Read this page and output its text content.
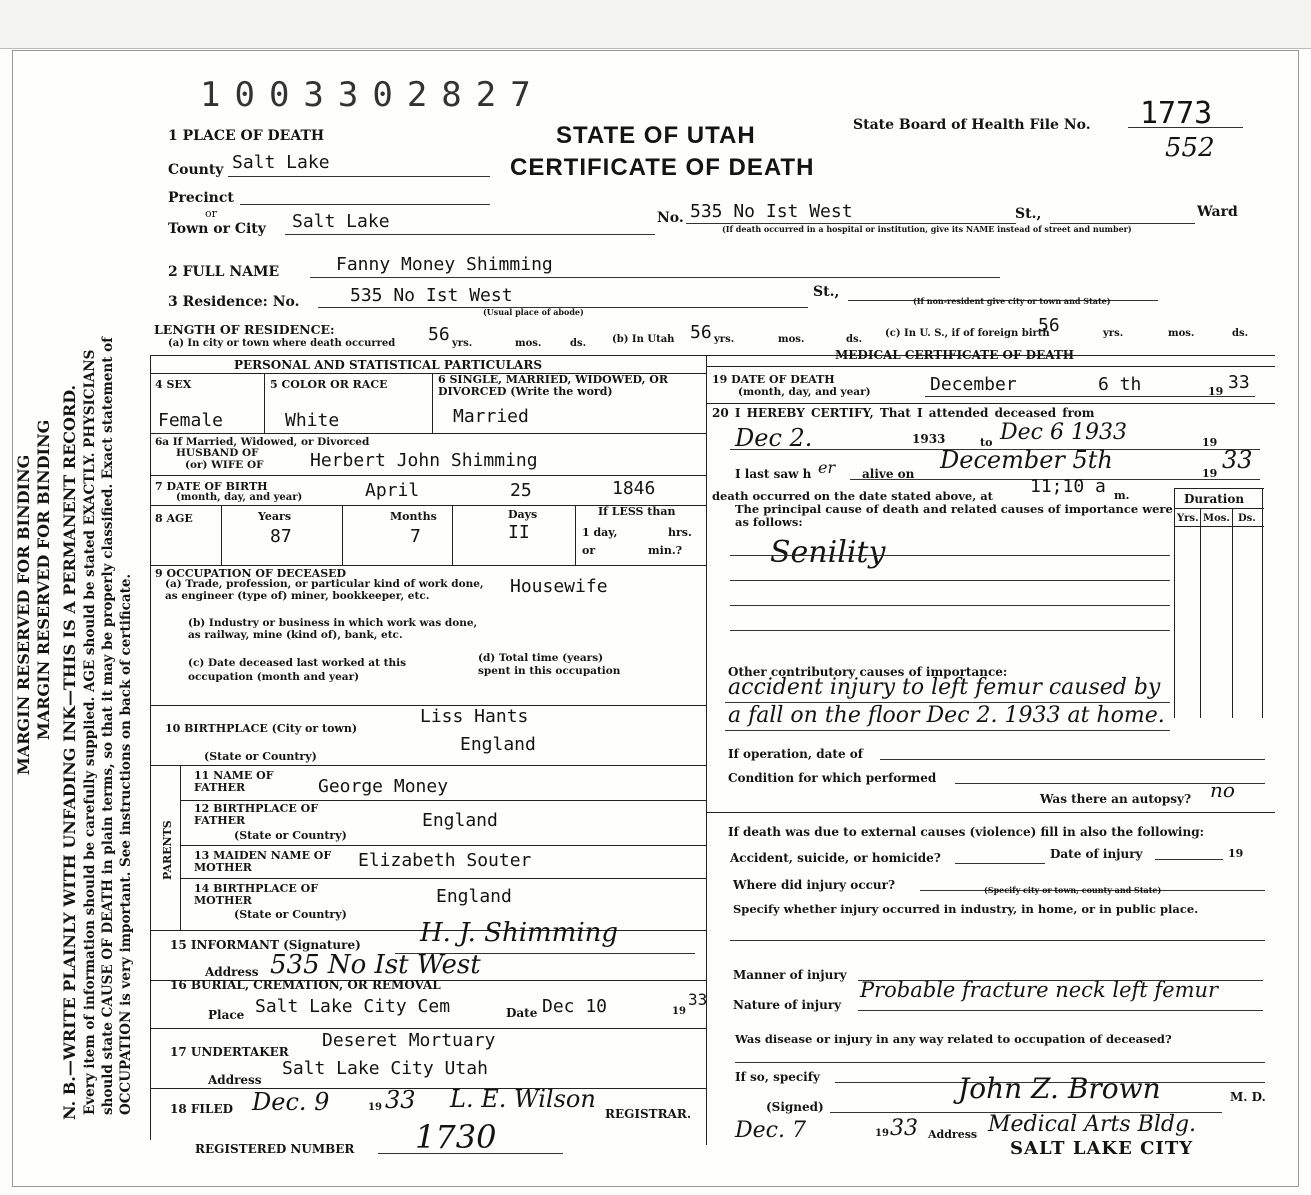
1003302827
MARGIN RESERVED FOR BINDING MARGIN RESERVED FOR BINDING N. B.—WRITE PLAINLY WITH UNFADING INK—THIS IS A PERMANENT RECORD. Every item of information should be carefully supplied. AGE should be stated EXACTLY. PHYSICIANS should state CAUSE OF DEATH in plain terms, so that it may be properly classified. Exact statement of OCCUPATION is very important. See instructions on back of certificate.
1 PLACE OF DEATH	STATE OF UTAH
CERTIFICATE OF DEATH
State Board of Health File No. 1773
552
County Salt Lake
Precinct
or
Town or City Salt Lake	No. 535 No Ist West	St.,	Ward
(If death occurred in a hospital or institution, give its NAME instead of street and number)
2 FULL NAME	Fanny Money Shimming
3 Residence: No.	535 No Ist West	St.,
(Usual place of abode)
(If non-resident give city or town and State)
LENGTH OF RESIDENCE:
(a) In city or town where death occurred 56 yrs.	mos.	ds.	(b) In Utah 56 yrs.	mos.	ds.
(c) In U. S., if of foreign birth
56	yrs.	mos.	ds.
PERSONAL AND STATISTICAL PARTICULARS
MEDICAL CERTIFICATE OF DEATH
4 SEX	5 COLOR OR RACE	6 SINGLE, MARRIED, WIDOWED, OR DIVORCED (Write the word)
Female	White	Married
6a If Married, Widowed, or Divorced
HUSBAND OF
(or) WIFE OF	Herbert John Shimming
7 DATE OF BIRTH
(month, day, and year)	April	25	1846
8 AGE	Years	Months	Days	If LESS than
1 day,	hrs.
or	min.?
87	7	II
9 OCCUPATION OF DECEASED
(a) Trade, profession, or particular kind of work done, as engineer (type of) miner, bookkeeper, etc.	Housewife
(b) Industry or business in which work was done, as railway, mine (kind of), bank, etc.
(c) Date deceased last worked at this occupation (month and year)
(d) Total time (years) spent in this occupation
10 BIRTHPLACE (City or town)
Liss Hants
(State or Country)
England
PARENTS
11 NAME OF FATHER	George Money
12 BIRTHPLACE OF FATHER
(State or Country)
England
13 MAIDEN NAME OF MOTHER	Elizabeth Souter
14 BIRTHPLACE OF MOTHER
(State or Country)
England
15 INFORMANT (Signature) H. J. Shimming
Address 535 No Ist West
16 BURIAL, CREMATION, OR REMOVAL
Place Salt Lake City Cem	Date Dec 10	19
33
17 UNDERTAKER
Deseret Mortuary
Address
Salt Lake City Utah
18 FILED Dec. 9	19 33 L. E. Wilson
REGISTRAR.
REGISTERED NUMBER 1730
19 DATE OF DEATH
(month, day, and year)	December	6 th	19 33
20 I HEREBY CERTIFY, That I attended deceased from
Dec 2.	1933	to Dec 6 1933	19
I last saw h er alive on December 5th	19 33
death occurred on the date stated above, at 11;10 a m.
The principal cause of death and related causes of importance were as follows:
Senility
Duration
Yrs. Mos. Ds.
Other contributory causes of importance:
accident injury to left femur caused by
a fall on the floor Dec 2. 1933 at home.
If operation, date of
Condition for which performed
Was there an autopsy? no
If death was due to external causes (violence) fill in also the following:
Accident, suicide, or homicide?	Date of injury	19
Where did injury occur?	(Specify city or town, county and State)
Specify whether injury occurred in industry, in home, or in public place.
Manner of injury
Nature of injury
Probable fracture neck left femur
Was disease or injury in any way related to occupation of deceased?
If so, specify
(Signed)
John Z. Brown	M. D.
Dec. 7	19 33 Address Medical Arts Bldg.
SALT LAKE CITY
